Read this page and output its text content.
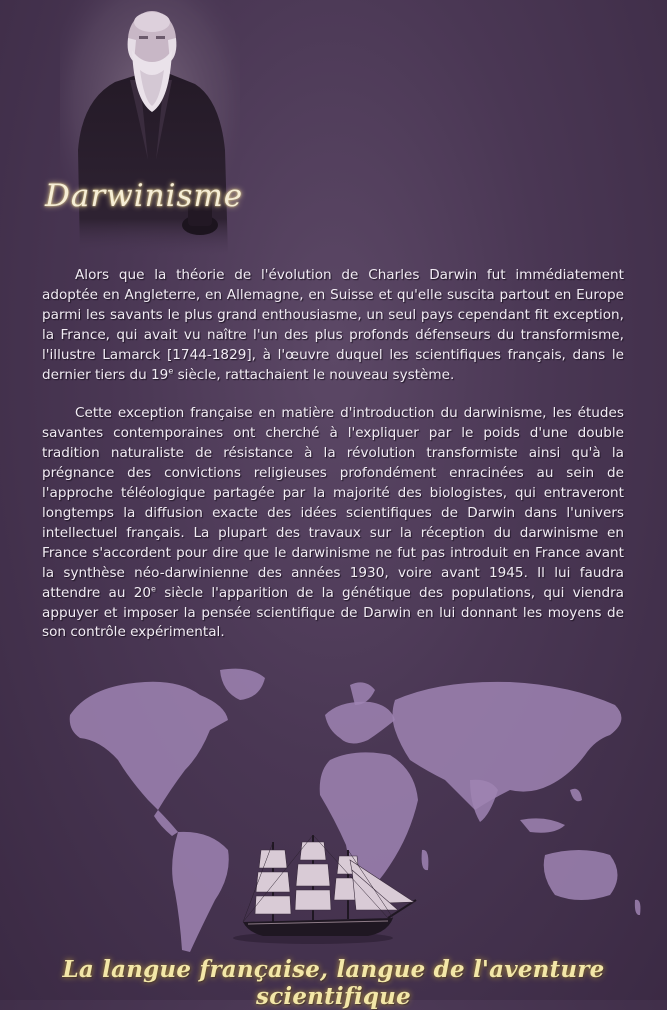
Darwinisme

Alors que la théorie de l'évolution de Charles Darwin fut immédiatement adoptée en Angleterre, en Allemagne, en Suisse et qu'elle suscita partout en Europe parmi les savants le plus grand enthousiasme, un seul pays cependant fit exception, la France, qui avait vu naître l'un des plus profonds défenseurs du transformisme, l'illustre Lamarck [1744-1829], à l'œuvre duquel les scientifiques français, dans le dernier tiers du 19e siècle, rattachaient le nouveau système.

Cette exception française en matière d'introduction du darwinisme, les études savantes contemporaines ont cherché à l'expliquer par le poids d'une double tradition naturaliste de résistance à la révolution transformiste ainsi qu'à la prégnance des convictions religieuses profondément enracinées au sein de l'approche téléologique partagée par la majorité des biologistes, qui entraveront longtemps la diffusion exacte des idées scientifiques de Darwin dans l'univers intellectuel français. La plupart des travaux sur la réception du darwinisme en France s'accordent pour dire que le darwinisme ne fut pas introduit en France avant la synthèse néo-darwinienne des années 1930, voire avant 1945. Il lui faudra attendre au 20e siècle l'apparition de la génétique des populations, qui viendra appuyer et imposer la pensée scientifique de Darwin en lui donnant les moyens de son contrôle expérimental.

La langue française, langue de l'aventure scientifique
